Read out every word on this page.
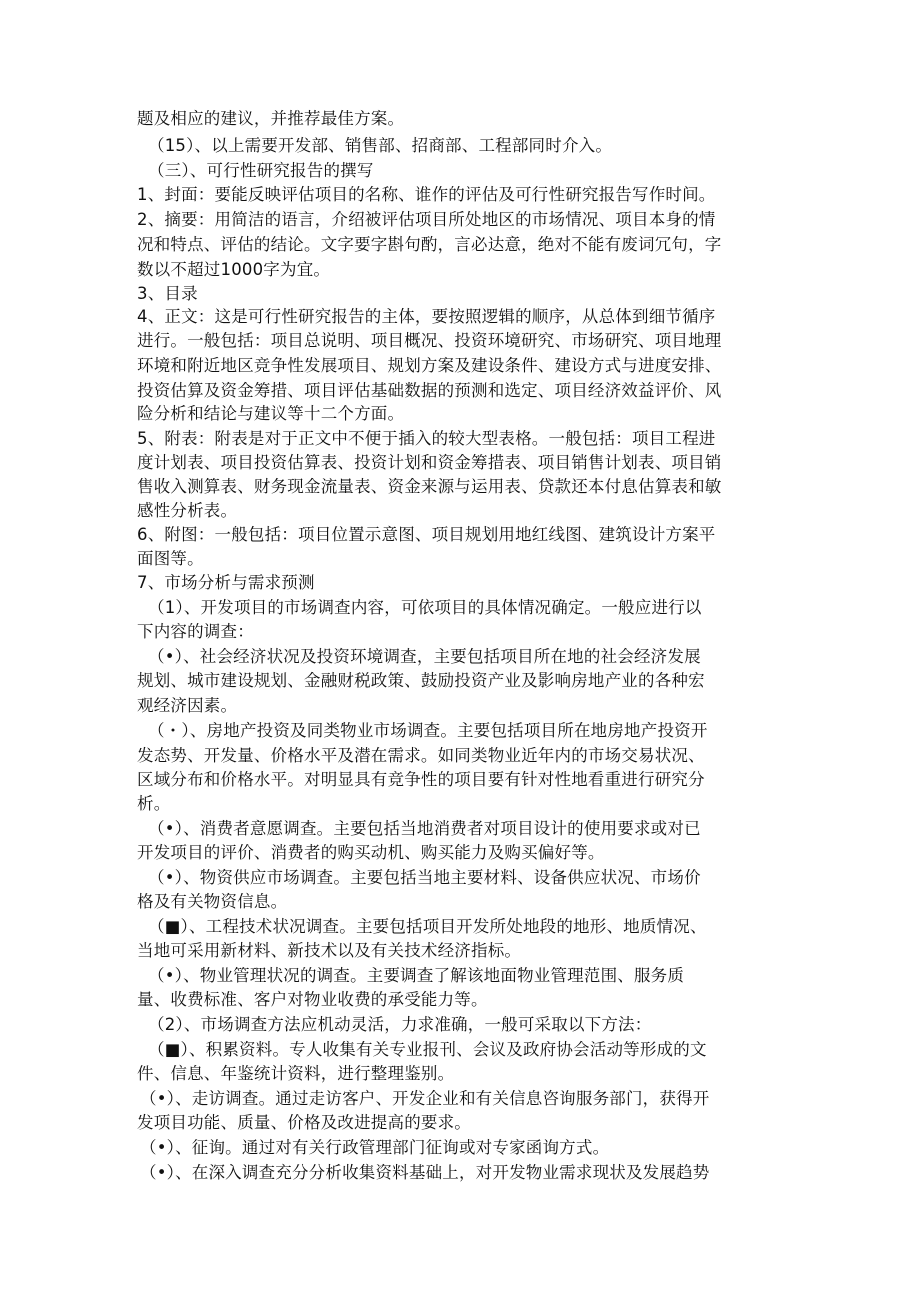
题及相应的建议，并推荐最佳方案。
（15）、以上需要开发部、销售部、招商部、工程部同时介入。
（三）、可行性研究报告的撰写
1、封面：要能反映评估项目的名称、谁作的评估及可行性研究报告写作时间。
2、摘要：用简洁的语言，介绍被评估项目所处地区的市场情况、项目本身的情
况和特点、评估的结论。文字要字斟句酌，言必达意，绝对不能有废词冗句，字
数以不超过1000字为宜。
3、目录
4、正文：这是可行性研究报告的主体，要按照逻辑的顺序，从总体到细节循序
进行。一般包括：项目总说明、项目概况、投资环境研究、市场研究、项目地理
环境和附近地区竞争性发展项目、规划方案及建设条件、建设方式与进度安排、
投资估算及资金筹措、项目评估基础数据的预测和选定、项目经济效益评价、风
险分析和结论与建议等十二个方面。
5、附表：附表是对于正文中不便于插入的较大型表格。一般包括：项目工程进
度计划表、项目投资估算表、投资计划和资金筹措表、项目销售计划表、项目销
售收入测算表、财务现金流量表、资金来源与运用表、贷款还本付息估算表和敏
感性分析表。
6、附图：一般包括：项目位置示意图、项目规划用地红线图、建筑设计方案平
面图等。
7、市场分析与需求预测
（1）、开发项目的市场调查内容，可依项目的具体情况确定。一般应进行以
下内容的调查：
（•）、社会经济状况及投资环境调查，主要包括项目所在地的社会经济发展
规划、城市建设规划、金融财税政策、鼓励投资产业及影响房地产业的各种宏
观经济因素。
（・）、房地产投资及同类物业市场调查。主要包括项目所在地房地产投资开
发态势、开发量、价格水平及潜在需求。如同类物业近年内的市场交易状况、
区域分布和价格水平。对明显具有竞争性的项目要有针对性地看重进行研究分
析。
（•）、消费者意愿调查。主要包括当地消费者对项目设计的使用要求或对已
开发项目的评价、消费者的购买动机、购买能力及购买偏好等。
（•）、物资供应市场调查。主要包括当地主要材料、设备供应状况、市场价
格及有关物资信息。
（■）、工程技术状况调查。主要包括项目开发所处地段的地形、地质情况、
当地可采用新材料、新技术以及有关技术经济指标。
（•）、物业管理状况的调查。主要调查了解该地面物业管理范围、服务质
量、收费标准、客户对物业收费的承受能力等。
（2）、市场调查方法应机动灵活，力求准确，一般可采取以下方法：
（■）、积累资料。专人收集有关专业报刊、会议及政府协会活动等形成的文
件、信息、年鉴统计资料，进行整理鉴别。
（•）、走访调查。通过走访客户、开发企业和有关信息咨询服务部门，获得开
发项目功能、质量、价格及改进提高的要求。
（•）、征询。通过对有关行政管理部门征询或对专家函询方式。
（•）、在深入调查充分分析收集资料基础上，对开发物业需求现状及发展趋势
